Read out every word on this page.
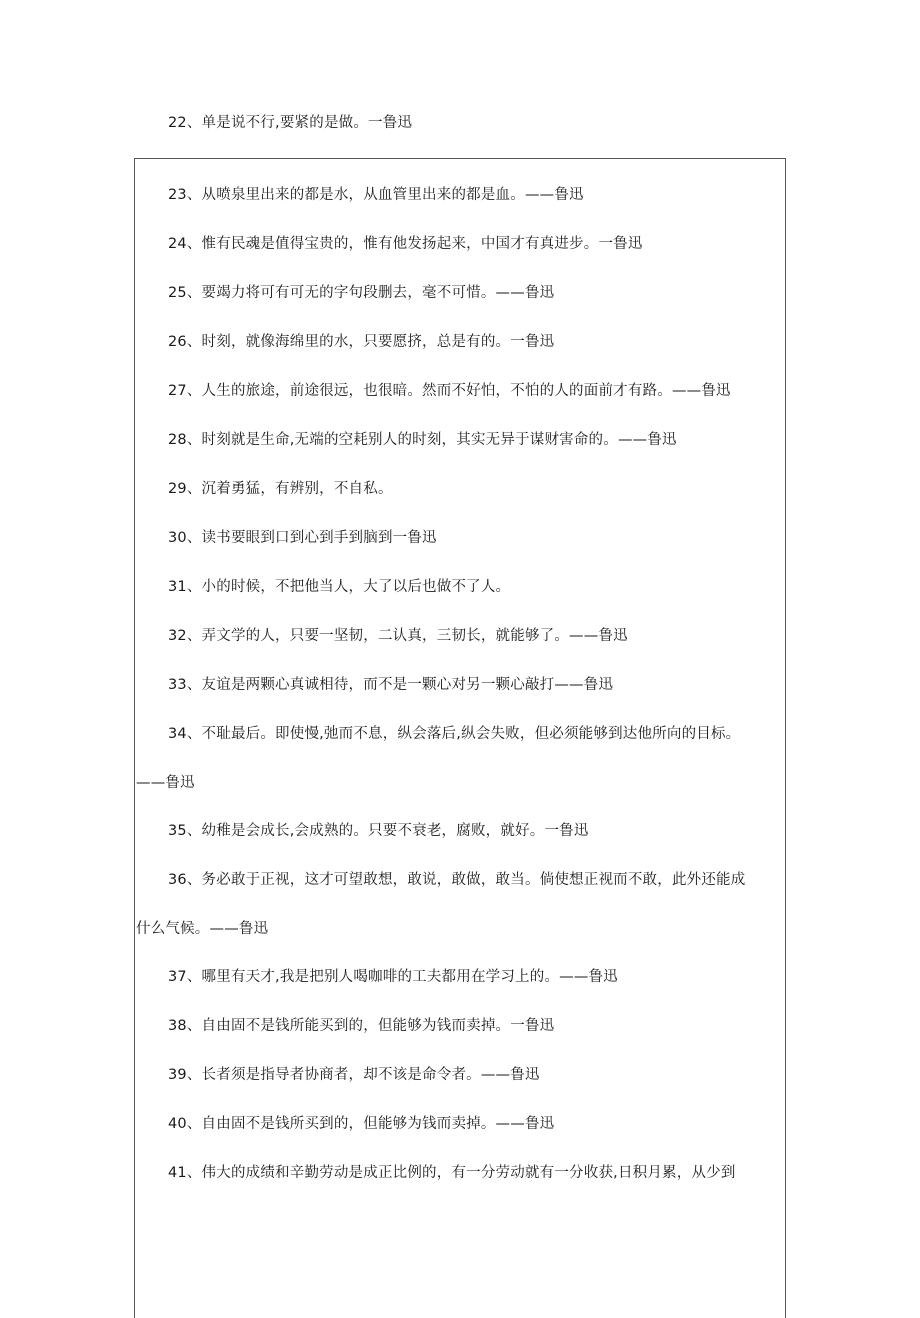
22、单是说不行,要紧的是做。一鲁迅
23、从喷泉里出来的都是水，从血管里出来的都是血。——鲁迅
24、惟有民魂是值得宝贵的，惟有他发扬起来，中国才有真进步。一鲁迅
25、要竭力将可有可无的字句段删去，毫不可惜。——鲁迅
26、时刻，就像海绵里的水，只要愿挤，总是有的。一鲁迅
27、人生的旅途，前途很远，也很暗。然而不好怕，不怕的人的面前才有路。——鲁迅
28、时刻就是生命,无端的空耗别人的时刻，其实无异于谋财害命的。——鲁迅
29、沉着勇猛，有辨别，不自私。
30、读书要眼到口到心到手到脑到一鲁迅
31、小的时候，不把他当人，大了以后也做不了人。
32、弄文学的人，只要一坚韧，二认真，三韧长，就能够了。——鲁迅
33、友谊是两颗心真诚相待，而不是一颗心对另一颗心敲打——鲁迅
34、不耻最后。即使慢,弛而不息，纵会落后,纵会失败，但必须能够到达他所向的目标。
——鲁迅
35、幼稚是会成长,会成熟的。只要不衰老，腐败，就好。一鲁迅
36、务必敢于正视，这才可望敢想，敢说，敢做，敢当。倘使想正视而不敢，此外还能成
什么气候。——鲁迅
37、哪里有天才,我是把别人喝咖啡的工夫都用在学习上的。——鲁迅
38、自由固不是钱所能买到的，但能够为钱而卖掉。一鲁迅
39、长者须是指导者协商者，却不该是命令者。——鲁迅
40、自由固不是钱所买到的，但能够为钱而卖掉。——鲁迅
41、伟大的成绩和辛勤劳动是成正比例的，有一分劳动就有一分收获,日积月累，从少到
